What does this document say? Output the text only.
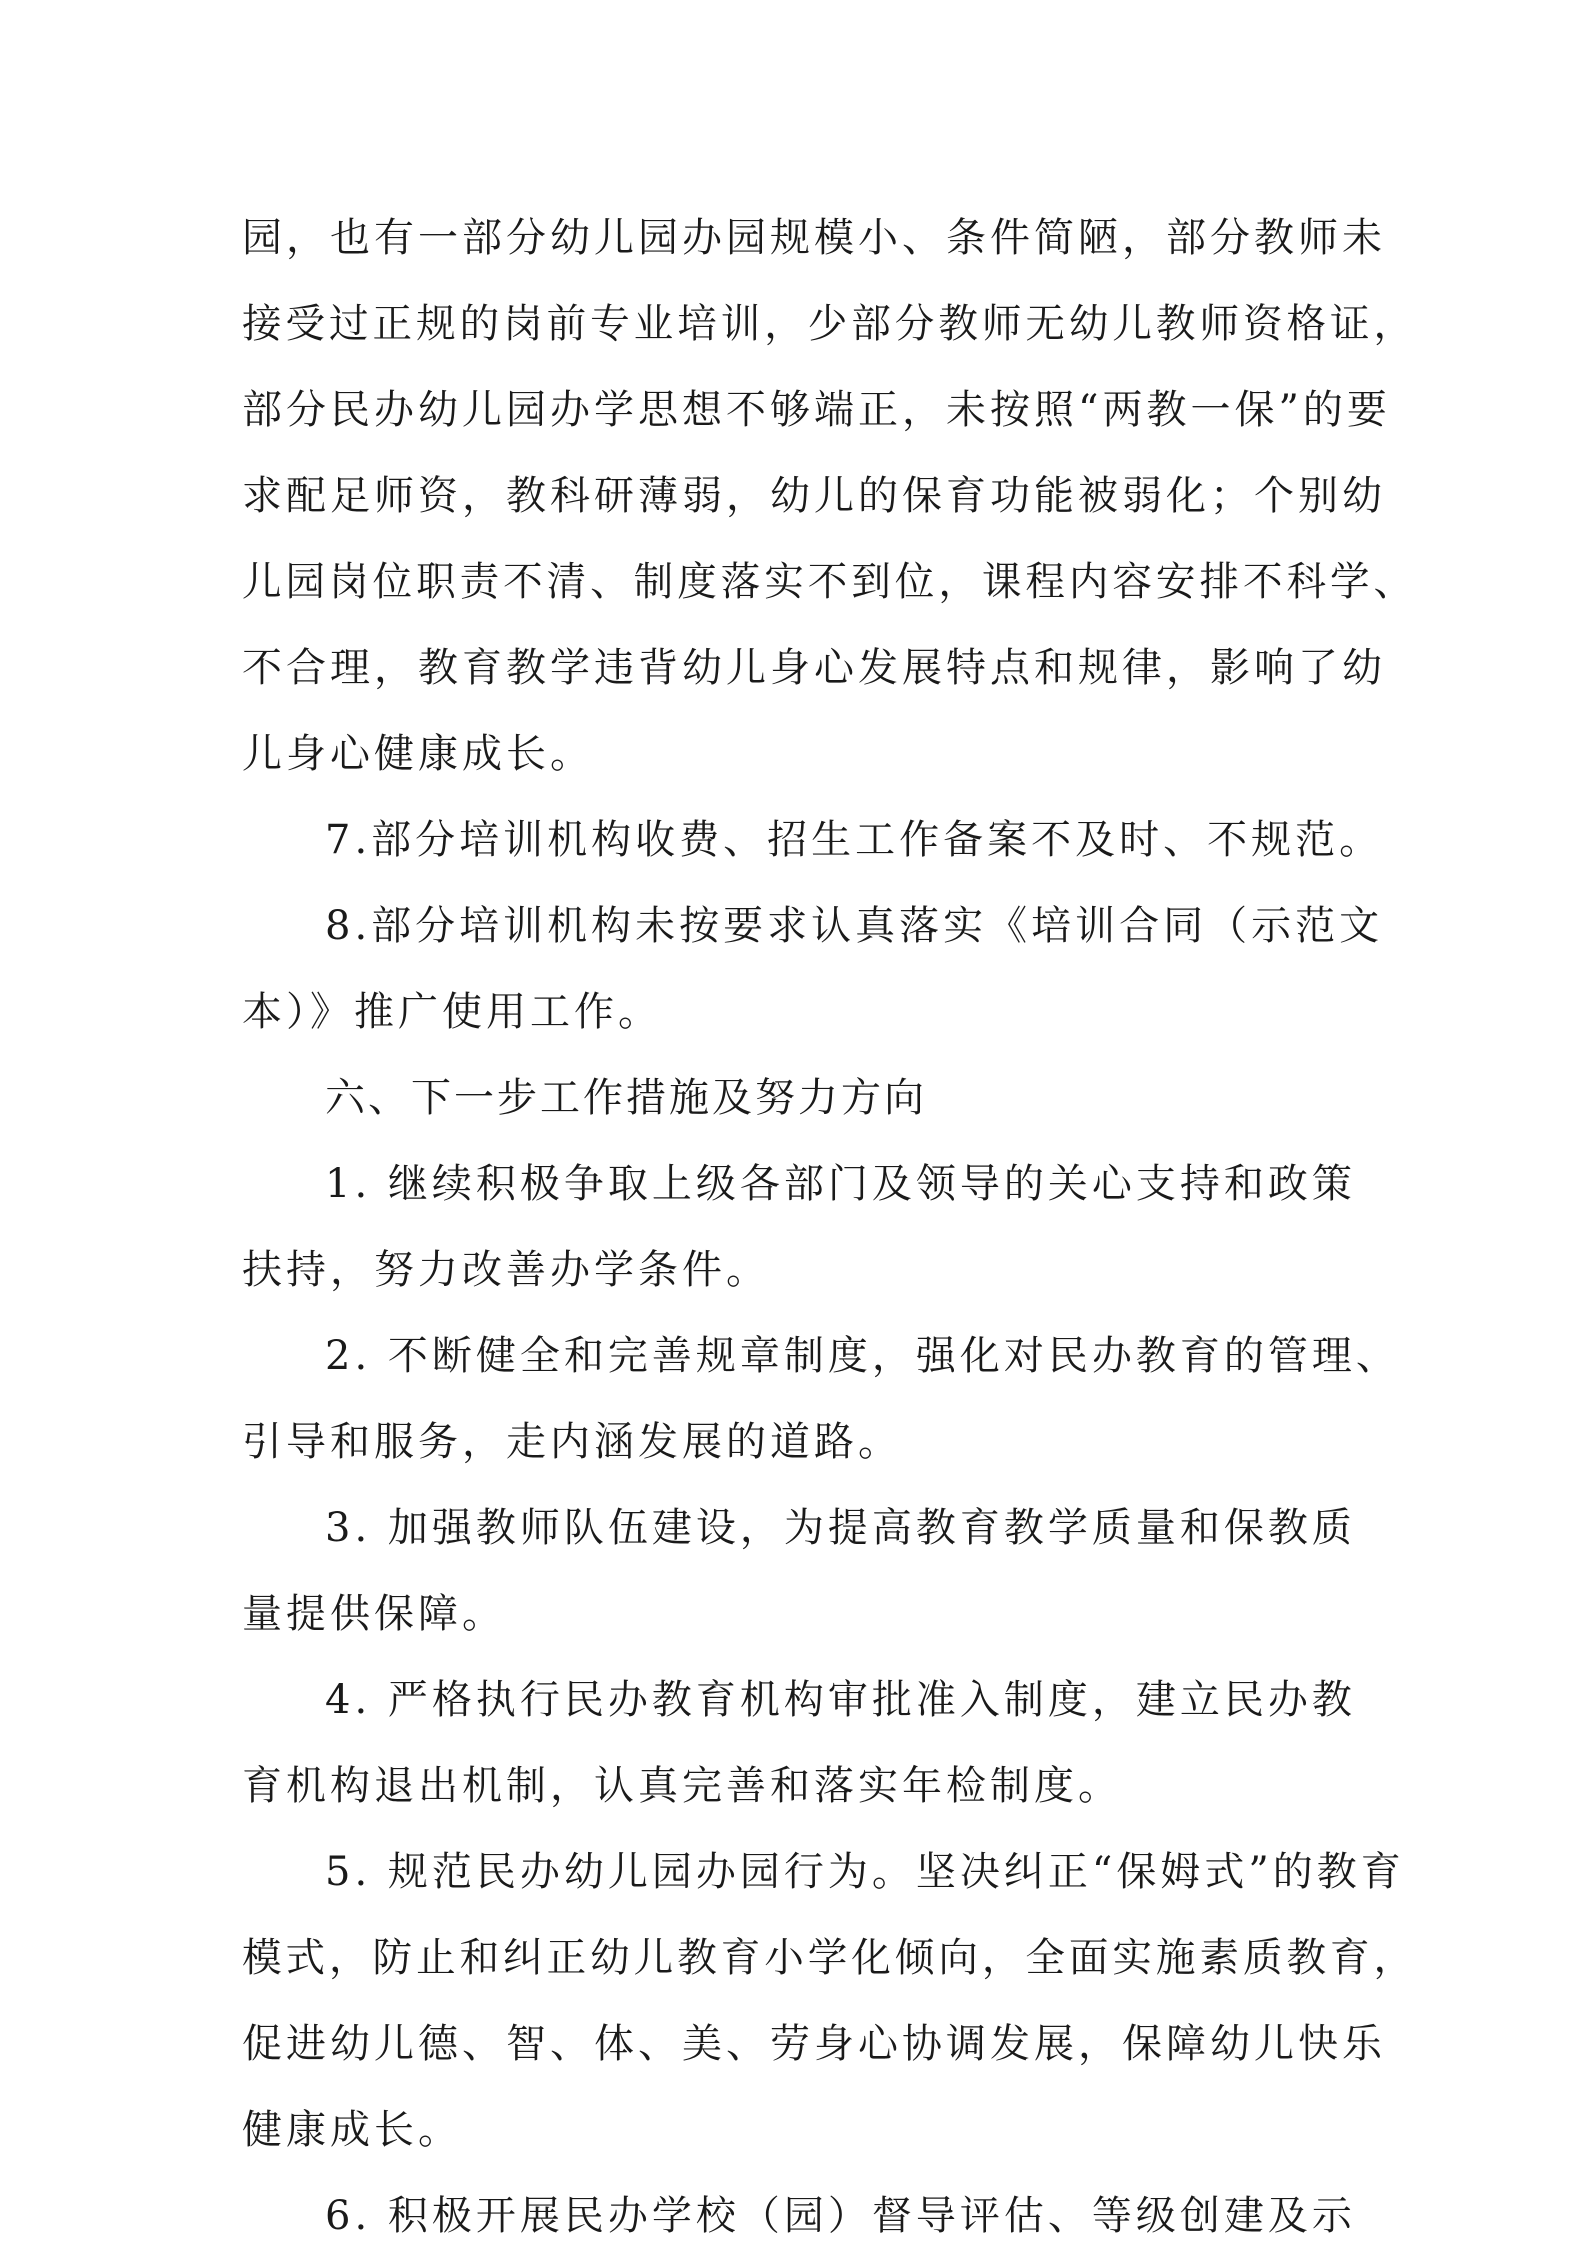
园，也有一部分幼儿园办园规模小、条件简陋，部分教师未
接受过正规的岗前专业培训，少部分教师无幼儿教师资格证，
部分民办幼儿园办学思想不够端正，未按照“两教一保”的要
求配足师资，教科研薄弱，幼儿的保育功能被弱化；个别幼
儿园岗位职责不清、制度落实不到位，课程内容安排不科学、
不合理，教育教学违背幼儿身心发展特点和规律，影响了幼
儿身心健康成长。
7.部分培训机构收费、招生工作备案不及时、不规范。
8.部分培训机构未按要求认真落实《培训合同（示范文
本）》推广使用工作。
六、下一步工作措施及努力方向
1. 继续积极争取上级各部门及领导的关心支持和政策
扶持，努力改善办学条件。
2. 不断健全和完善规章制度，强化对民办教育的管理、
引导和服务，走内涵发展的道路。
3. 加强教师队伍建设，为提高教育教学质量和保教质
量提供保障。
4. 严格执行民办教育机构审批准入制度，建立民办教
育机构退出机制，认真完善和落实年检制度。
5. 规范民办幼儿园办园行为。坚决纠正“保姆式”的教育
模式，防止和纠正幼儿教育小学化倾向，全面实施素质教育，
促进幼儿德、智、体、美、劳身心协调发展，保障幼儿快乐
健康成长。
6. 积极开展民办学校（园）督导评估、等级创建及示
